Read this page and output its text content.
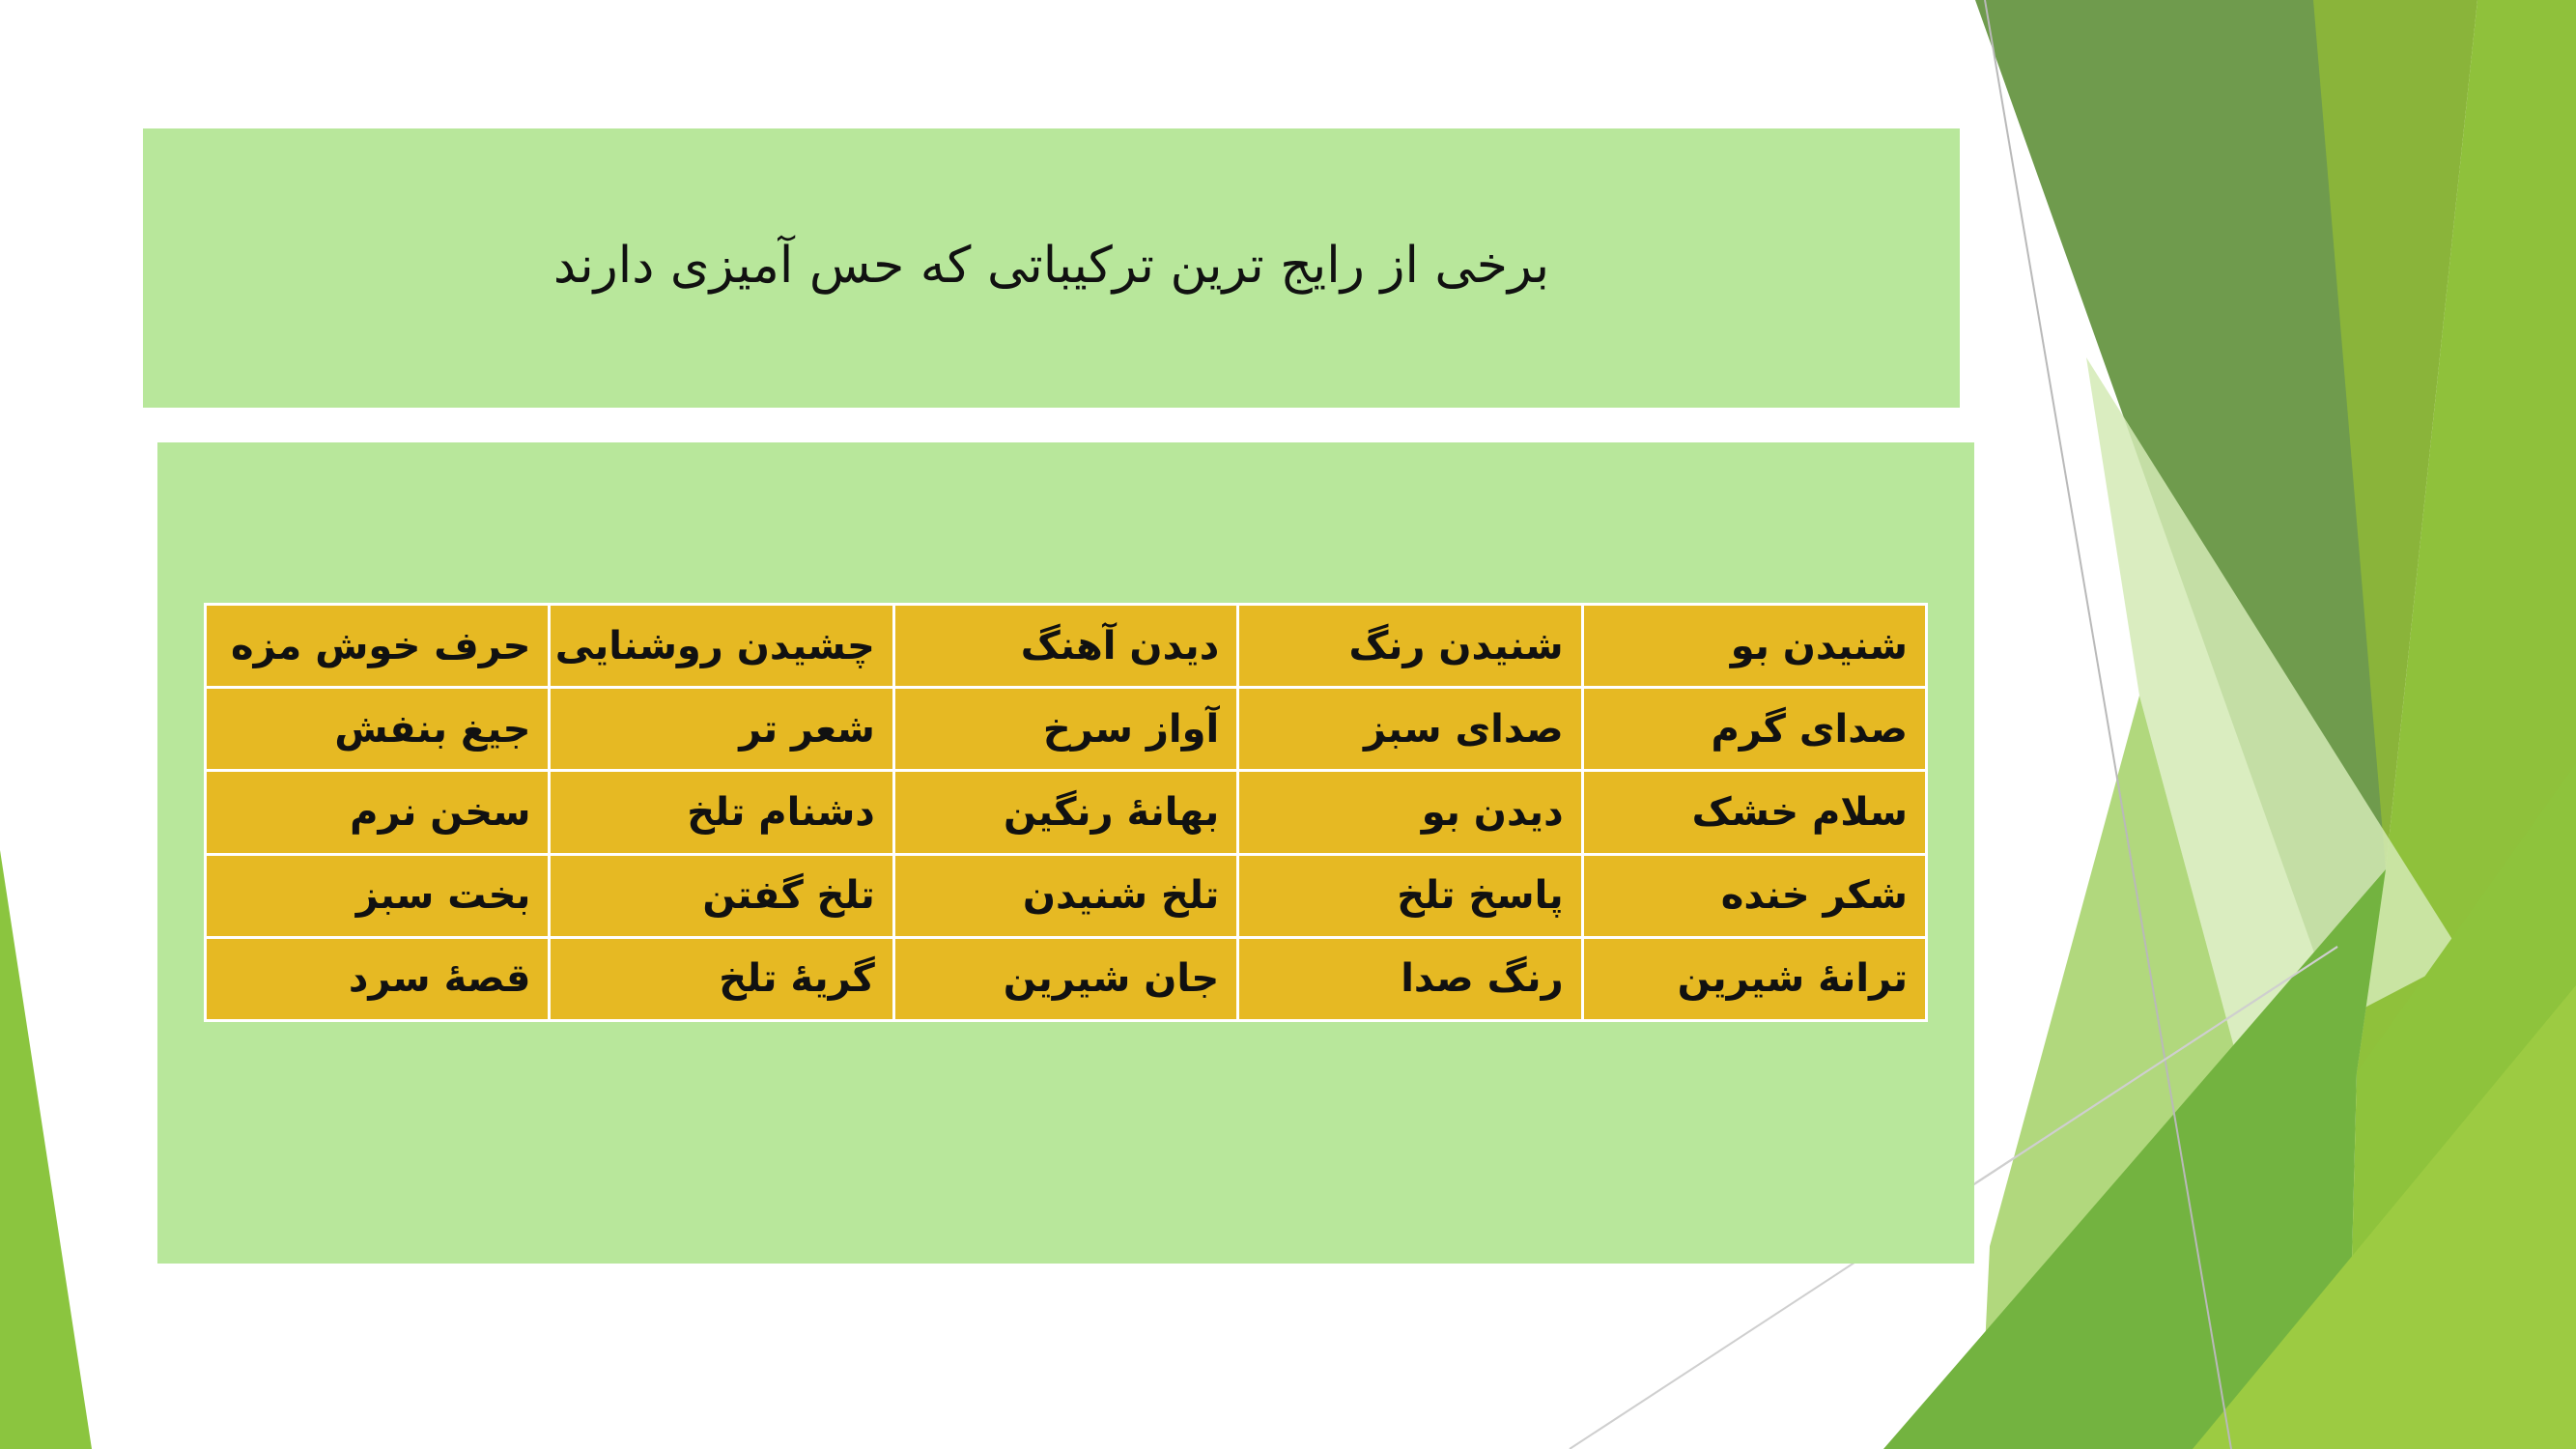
برخی از رایج ترین ترکیباتی که حس آمیزی دارند
شنیدن بو	شنیدن رنگ	دیدن آهنگ	چشیدن روشنایی	حرف خوش مزه
صدای گرم	صدای سبز	آواز سرخ	شعر تر	جیغ بنفش
سلام خشک	دیدن بو	بهانۀ رنگین	دشنام تلخ	سخن نرم
شکر خنده	پاسخ تلخ	تلخ شنیدن	تلخ گفتن	بخت سبز
ترانۀ شیرین	رنگ صدا	جان شیرین	گریۀ تلخ	قصۀ سرد
